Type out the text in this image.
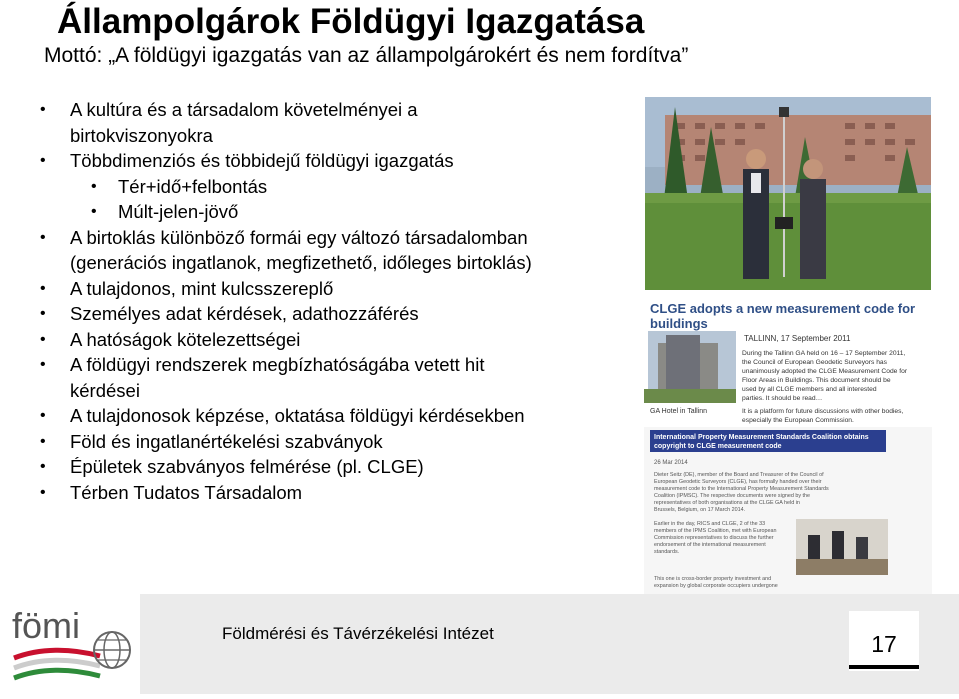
Állampolgárok Földügyi Igazgatása
Mottó: „A földügyi igazgatás van az állampolgárokért és nem fordítva”
• A kultúra és a társadalom követelményei a
birtokviszonyokra
• Többdimenziós és többidejű földügyi igazgatás
• Tér+idő+felbontás
• Múlt-jelen-jövő
• A birtoklás különböző formái egy változó társadalomban
(generációs ingatlanok, megfizethető, időleges birtoklás)
• A tulajdonos, mint kulcsszereplő
• Személyes adat kérdések, adathozzáférés
• A hatóságok kötelezettségei
• A földügyi rendszerek megbízhatóságába vetett hit
kérdései
• A tulajdonosok képzése, oktatása földügyi kérdésekben
• Föld és ingatlanértékelési szabványok
• Épületek szabványos felmérése (pl. CLGE)
• Térben Tudatos Társadalom
CLGE adopts a new measurement code for
buildings
GA Hotel in Tallinn
TALLINN, 17 September 2011
During the Tallinn GA held on 16 – 17 September 2011,
the Council of European Geodetic Surveyors has
unanimously adopted the CLGE Measurement Code for
Floor Areas in Buildings. This document should be
used by all CLGE members and all interested
parties. It should be read…
It is a platform for future discussions with other bodies,
especially the European Commission.
International Property Measurement Standards Coalition obtains
copyright to CLGE measurement code
26 Mar 2014
Dieter Seitz (DE), member of the Board and Treasurer of the Council of
European Geodetic Surveyors (CLGE), has formally handed over their
measurement code to the International Property Measurement Standards
Coalition (IPMSC). The respective documents were signed by the
representatives of both organisations at the CLGE GA held in
Brussels, Belgium, on 17 March 2014.
Earlier in the day, RICS and CLGE, 2 of the 33
members of the IPMS Coalition, met with European
Commission representatives to discuss the further
endorsement of the international measurement
standards.
This one is cross-border property investment and
expansion by global corporate occupiers undergone
Földmérési és Távérzékelési Intézet	17
fömi
